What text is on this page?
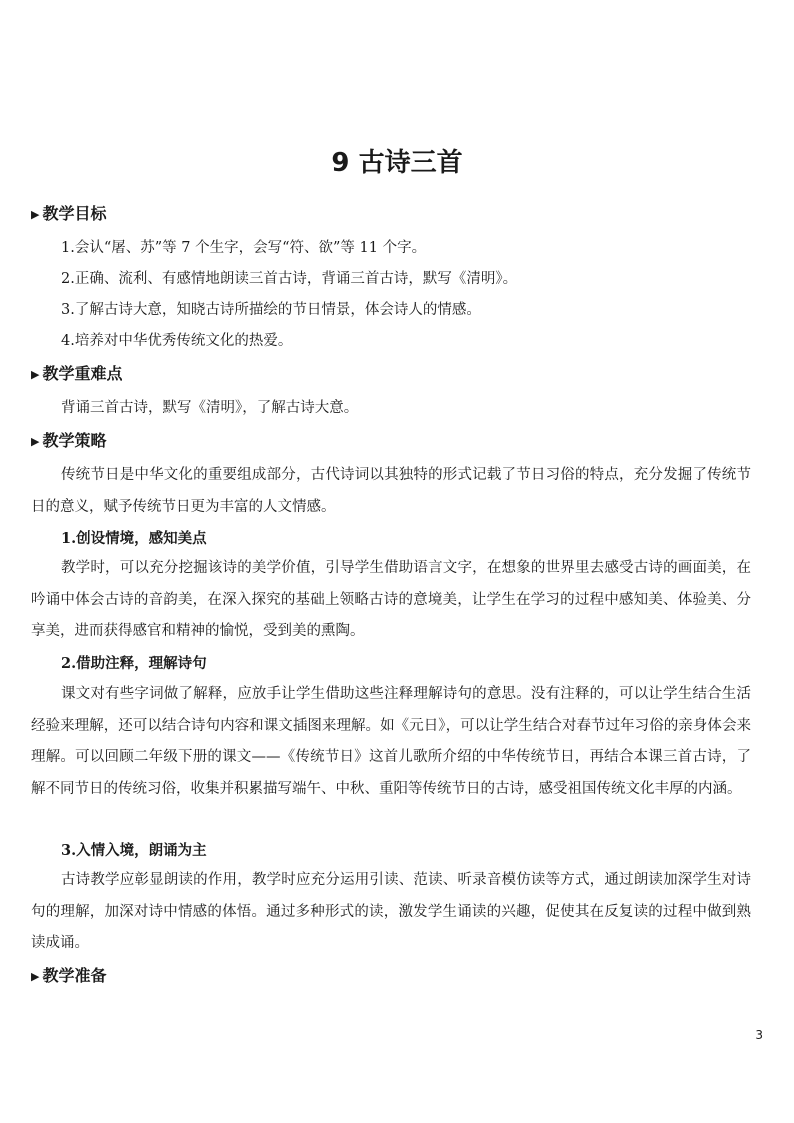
9 古诗三首
▶ 教学目标

1.会认“屠、苏”等 7 个生字，会写“符、欲”等 11 个字。

2.正确、流利、有感情地朗读三首古诗，背诵三首古诗，默写《清明》。

3.了解古诗大意，知晓古诗所描绘的节日情景，体会诗人的情感。

4.培养对中华优秀传统文化的热爱。

▶ 教学重难点

背诵三首古诗，默写《清明》，了解古诗大意。

▶ 教学策略

传统节日是中华文化的重要组成部分，古代诗词以其独特的形式记载了节日习俗的特点，充分发掘了传统节日的意义，赋予传统节日更为丰富的人文情感。

1.创设情境，感知美点

教学时，可以充分挖掘该诗的美学价值，引导学生借助语言文字，在想象的世界里去感受古诗的画面美，在吟诵中体会古诗的音韵美，在深入探究的基础上领略古诗的意境美，让学生在学习的过程中感知美、体验美、分享美，进而获得感官和精神的愉悦，受到美的熏陶。

2.借助注释，理解诗句

课文对有些字词做了解释，应放手让学生借助这些注释理解诗句的意思。没有注释的，可以让学生结合生活经验来理解，还可以结合诗句内容和课文插图来理解。如《元日》，可以让学生结合对春节过年习俗的亲身体会来理解。可以回顾二年级下册的课文——《传统节日》这首儿歌所介绍的中华传统节日，再结合本课三首古诗，了解不同节日的传统习俗，收集并积累描写端午、中秋、重阳等传统节日的古诗，感受祖国传统文化丰厚的内涵。

3.入情入境，朗诵为主

古诗教学应彰显朗读的作用，教学时应充分运用引读、范读、听录音模仿读等方式，通过朗读加深学生对诗句的理解，加深对诗中情感的体悟。通过多种形式的读，激发学生诵读的兴趣，促使其在反复读的过程中做到熟读成诵。

▶ 教学准备
3
